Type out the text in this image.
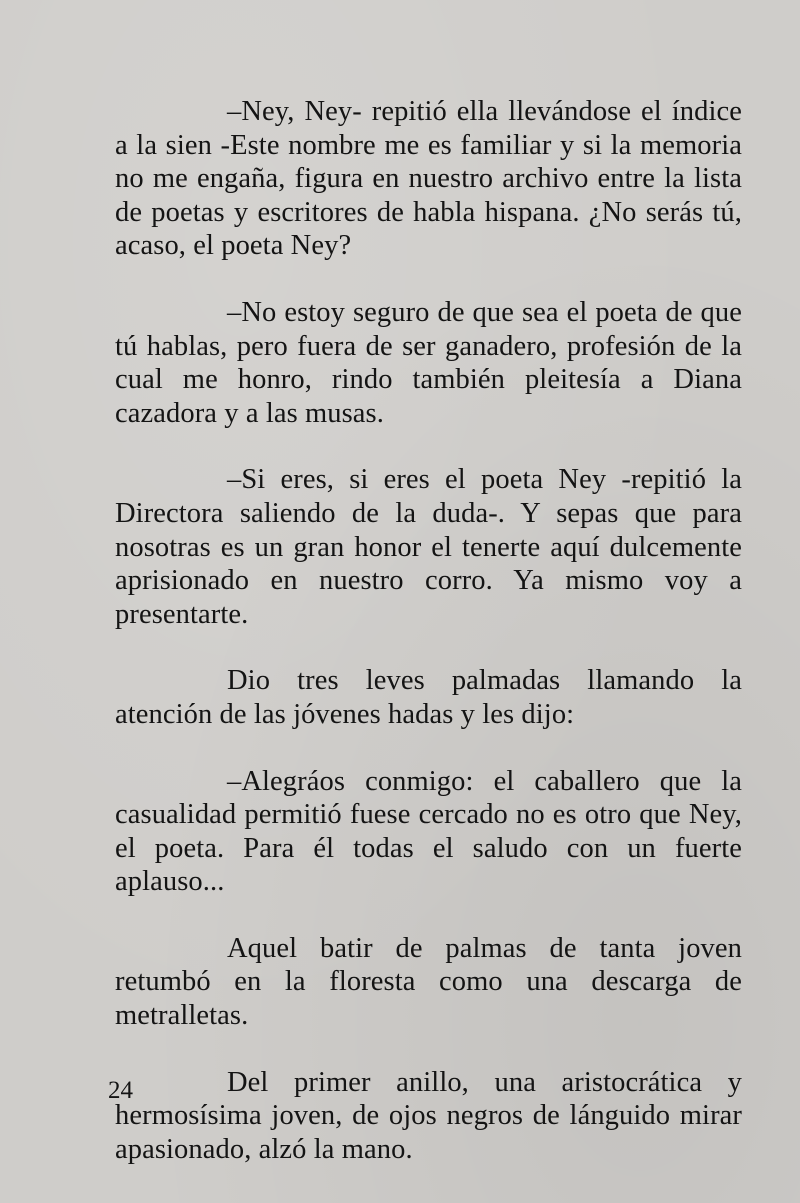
–Ney, Ney- repitió ella llevándose el índice a la sien -Este nombre me es familiar y si la memoria no me engaña, figura en nuestro archivo entre la lista de poetas y escritores de habla hispana. ¿No serás tú, acaso, el poeta Ney?

–No estoy seguro de que sea el poeta de que tú hablas, pero fuera de ser ganadero, profesión de la cual me honro, rindo también pleitesía a Diana cazadora y a las musas.

–Si eres, si eres el poeta Ney -repitió la Directora saliendo de la duda-. Y sepas que para nosotras es un gran honor el tenerte aquí dulcemente aprisionado en nuestro corro. Ya mismo voy a presentarte.

Dio tres leves palmadas llamando la atención de las jóvenes hadas y les dijo:

–Alegráos conmigo: el caballero que la casualidad permitió fuese cercado no es otro que Ney, el poeta. Para él todas el saludo con un fuerte aplauso...

Aquel batir de palmas de tanta joven retumbó en la floresta como una descarga de metralletas.

Del primer anillo, una aristocrática y hermosísima joven, de ojos negros de lánguido mirar apasionado, alzó la mano.

24
